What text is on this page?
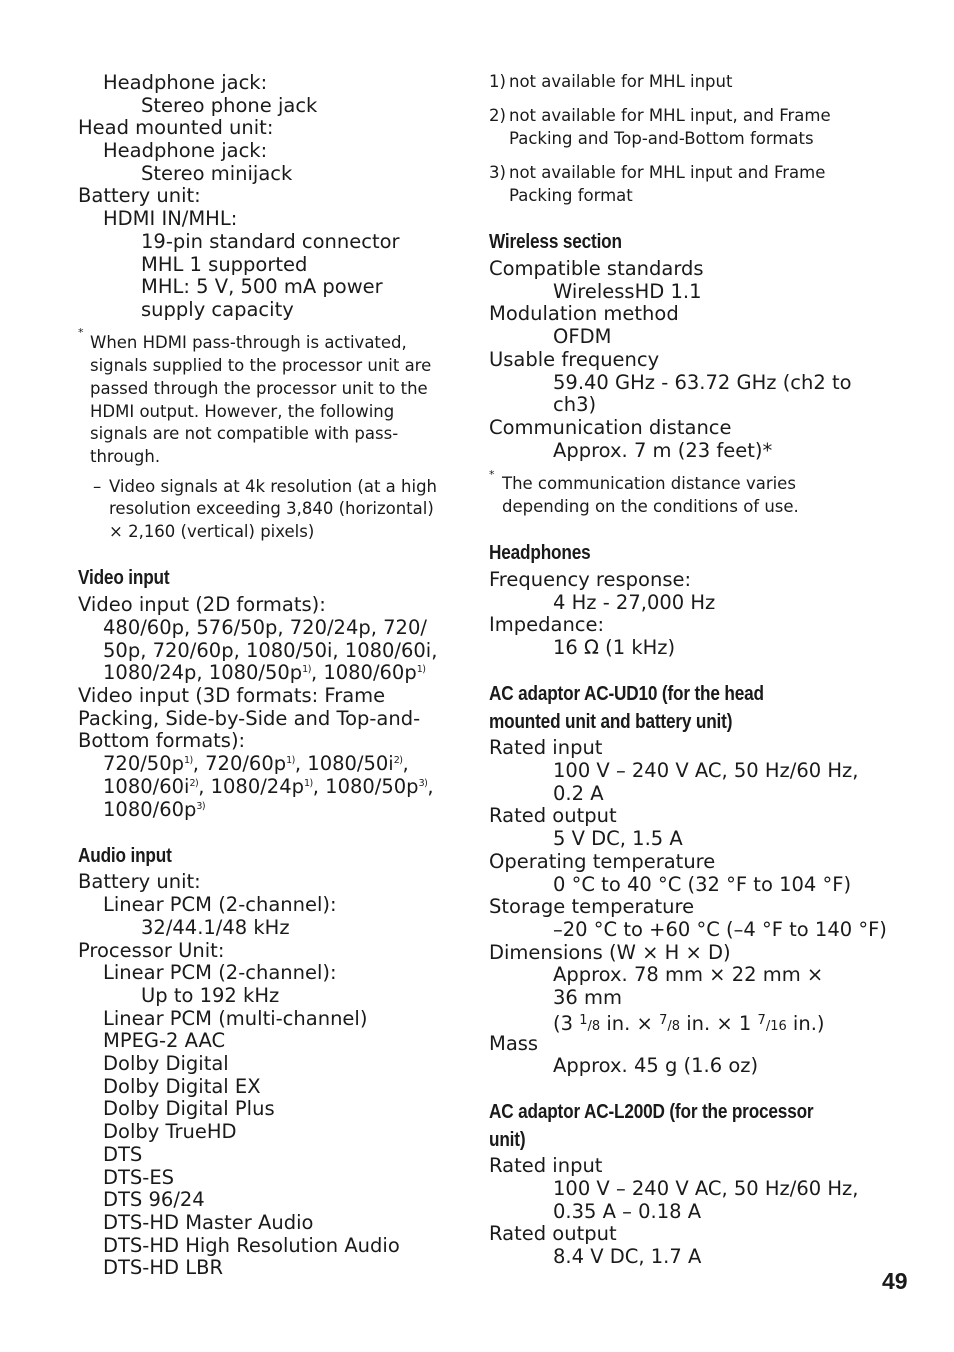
Headphone jack:
Stereo phone jack
Head mounted unit:
Headphone jack:
Stereo minijack
Battery unit:
HDMI IN/MHL:
19-pin standard connector
MHL 1 supported
MHL: 5 V, 500 mA power
supply capacity
*
When HDMI pass-through is activated,
signals supplied to the processor unit are
passed through the processor unit to the
HDMI output. However, the following
signals are not compatible with pass-
through.
– Video signals at 4k resolution (at a high
resolution exceeding 3,840 (horizontal)
× 2,160 (vertical) pixels)
Video input
Video input (2D formats):
480/60p, 576/50p, 720/24p, 720/
50p, 720/60p, 1080/50i, 1080/60i,
1080/24p, $1080/50p^{1)}$, $1080/60p^{1)}$
Video input (3D formats: Frame
Packing, Side-by-Side and Top-and-
Bottom formats):
$720/50p^{1)}$, $720/60p^{1)}$, $1080/50i^{2)}$,
$1080/60i^{2)}$, $1080/24p^{1)}$, $1080/50p^{3)}$,
$1080/60p^{3)}$
Audio input
Battery unit:
Linear PCM (2-channel):
32/44.1/48 kHz
Processor Unit:
Linear PCM (2-channel):
Up to 192 kHz
Linear PCM (multi-channel)
MPEG-2 AAC
Dolby Digital
Dolby Digital EX
Dolby Digital Plus
Dolby TrueHD
DTS
DTS-ES
DTS 96/24
DTS-HD Master Audio
DTS-HD High Resolution Audio
DTS-HD LBR
1) not available for MHL input
2) not available for MHL input, and Frame
Packing and Top-and-Bottom formats
3) not available for MHL input and Frame
Packing format
Wireless section
Compatible standards
WirelessHD 1.1
Modulation method
OFDM
Usable frequency
59.40 GHz - 63.72 GHz (ch2 to
ch3)
Communication distance
Approx. 7 m (23 feet)*
* The communication distance varies
depending on the conditions of use.
Headphones
Frequency response:
4 Hz - 27,000 Hz
Impedance:
16 Ω (1 kHz)
AC adaptor AC-UD10 (for the head
mounted unit and battery unit)
Rated input
100 V – 240 V AC, 50 Hz/60 Hz,
0.2 A
Rated output
5 V DC, 1.5 A
Operating temperature
0 °C to 40 °C (32 °F to 104 °F)
Storage temperature
–20 °C to +60 °C (–4 °F to 140 °F)
Dimensions (W × H × D)
Approx. 78 mm × 22 mm ×
36 mm
(3 1/8 in. × 7/8 in. × 1 7/16 in.)
Mass
Approx. 45 g (1.6 oz)
AC adaptor AC-L200D (for the processor
unit)
Rated input
100 V – 240 V AC, 50 Hz/60 Hz,
0.35 A – 0.18 A
Rated output
8.4 V DC, 1.7 A
49
